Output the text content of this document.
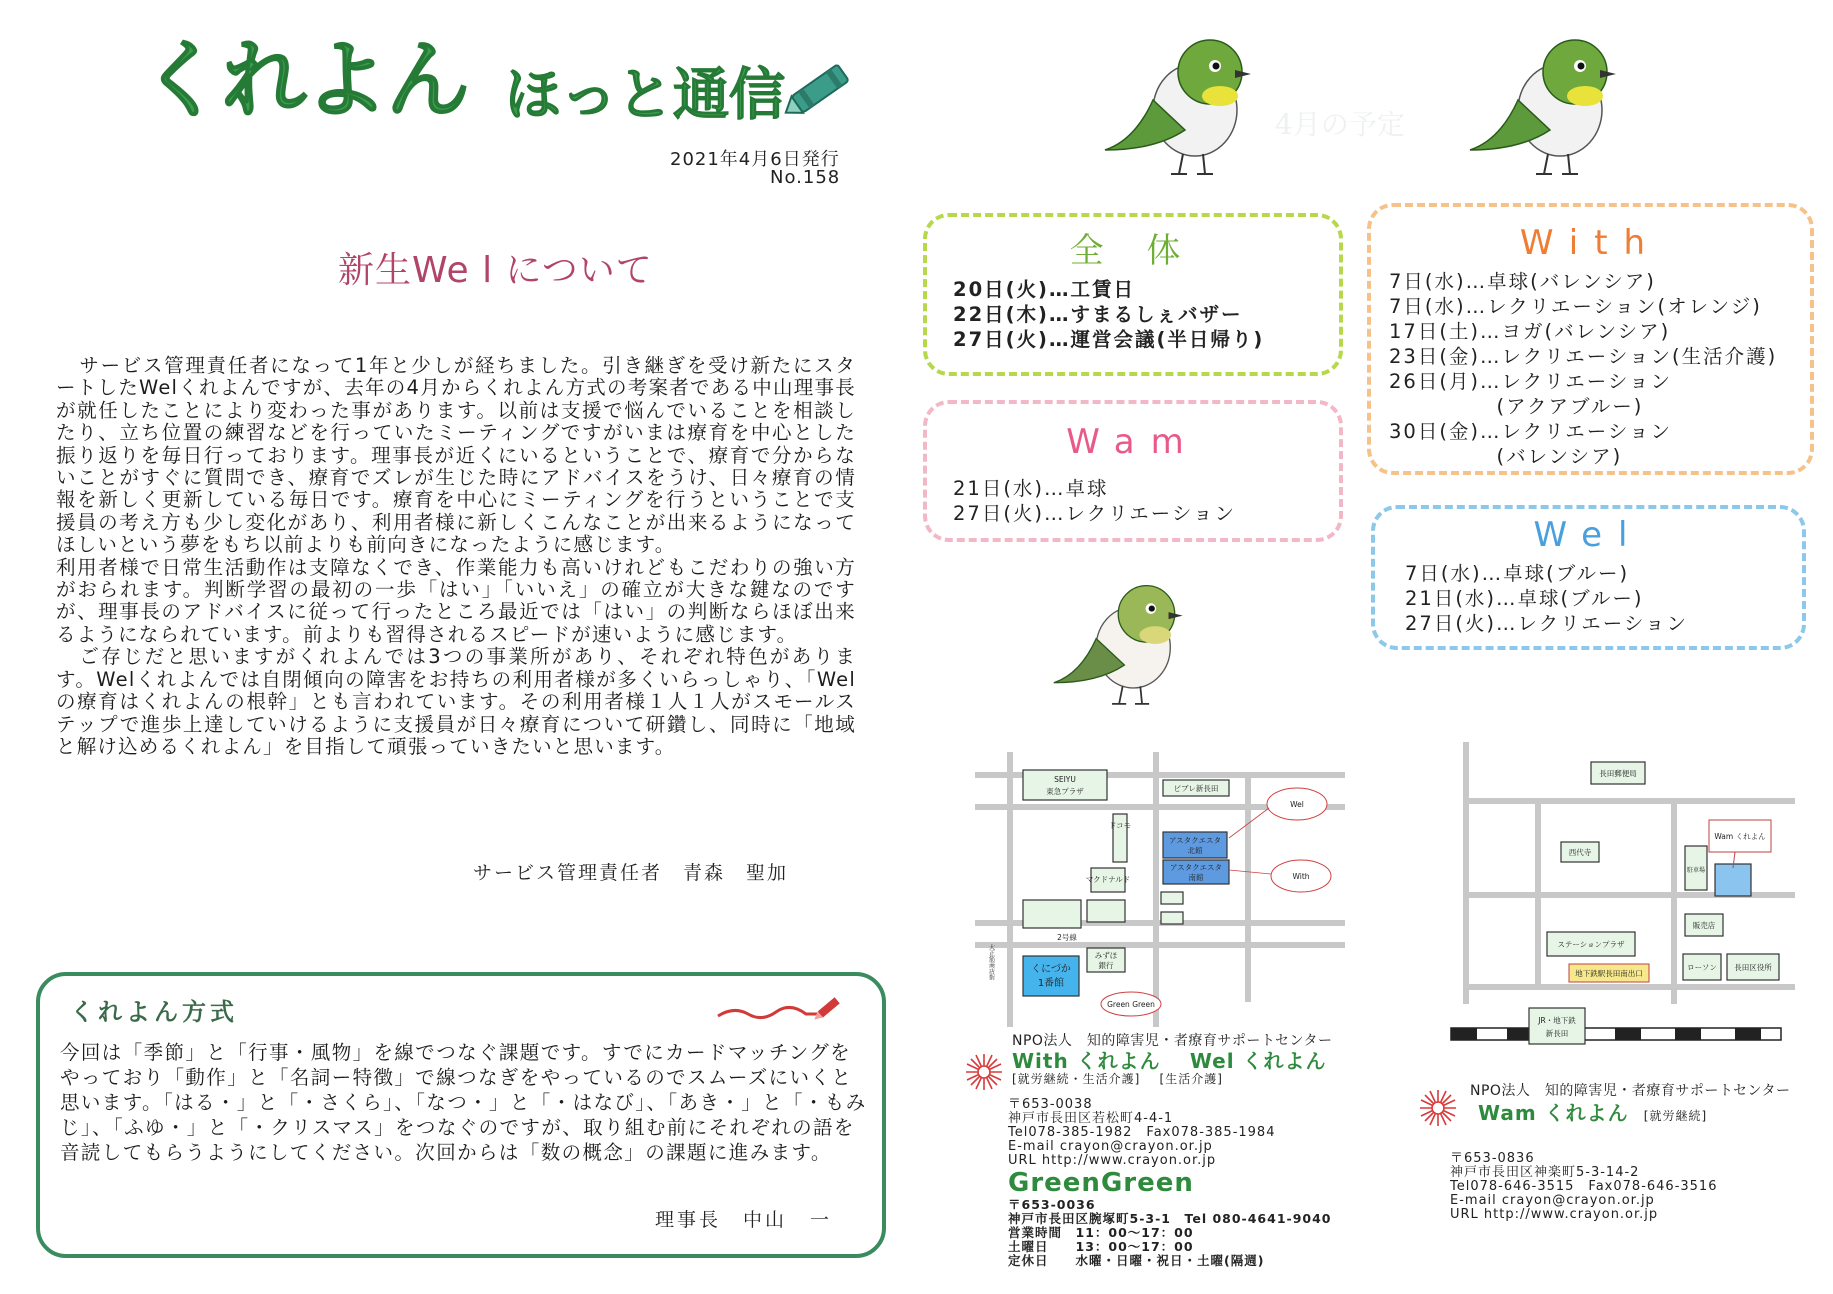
くれよん ほっと通信
2021年4月6日発行
No.158
新生We l について

サービス管理責任者になって1年と少しが経ちました。引き継ぎを受け新たにスタートしたWelくれよんですが、去年の4月からくれよん方式の考案者である中山理事長が就任したことにより変わった事があります。以前は支援で悩んでいることを相談したり、立ち位置の練習などを行っていたミーティングですがいまは療育を中心とした振り返りを毎日行っております。理事長が近くにいるということで、療育で分からないことがすぐに質問でき、療育でズレが生じた時にアドバイスをうけ、日々療育の情報を新しく更新している毎日です。療育を中心にミーティングを行うということで支援員の考え方も少し変化があり、利用者様に新しくこんなことが出来るようになってほしいという夢をもち以前よりも前向きになったように感じます。

利用者様で日常生活動作は支障なくでき、作業能力も高いけれどもこだわりの強い方がおられます。判断学習の最初の一歩「はい」「いいえ」の確立が大きな鍵なのですが、理事長のアドバイスに従って行ったところ最近では「はい」の判断ならほぼ出来るようになられています。前よりも習得されるスピードが速いように感じます。

ご存じだと思いますがくれよんでは3つの事業所があり、それぞれ特色があります。Welくれよんでは自閉傾向の障害をお持ちの利用者様が多くいらっしゃり、「Welの療育はくれよんの根幹」とも言われています。その利用者様１人１人がスモールステップで進歩上達していけるように支援員が日々療育について研鑽し、同時に「地域と解け込めるくれよん」を目指して頑張っていきたいと思います。

サービス管理責任者　青森　聖加
くれよん方式
今回は「季節」と「行事・風物」を線でつなぐ課題です。すでにカードマッチングをやっており「動作」と「名詞ー特徴」で線つなぎをやっているのでスムーズにいくと思います。「はる・」と「・さくら」、「なつ・」と「・はなび」、「あき・」と「・もみじ」、「ふゆ・」と「・クリスマス」をつなぐのですが、取り組む前にそれぞれの語を音読してもらうようにしてください。次回からは「数の概念」の課題に進みます。
理事長　中山 一
4月の予定
全 体
20日(火)…工賃日
22日(木)…すまるしぇバザー
27日(火)…運営会議(半日帰り)
Wam
21日(水)…卓球
27日(火)…レクリエーション
With
7日(水)…卓球(バレンシア)
7日(水)…レクリエーション(オレンジ)
17日(土)…ヨガ(バレンシア)
23日(金)…レクリエーション(生活介護)
26日(月)…レクリエーション
　　　　　(アクアブルー)
30日(金)…レクリエーション
　　　　　(バレンシア)
Wel
7日(水)…卓球(ブルー)
21日(水)…卓球(ブルー)
27日(火)…レクリエーション
SEIYU
東急プラザ	ビブレ新長田
ドコモ
アスタクエスタ
北館
アスタクエスタ
南館
マクドナルド
2号線
くにづか
1番館
みずほ
銀行
Wel
With
Green Green
大正筋商店街
JR・地下鉄
新長田
長田郵便局
西代寺
駐車場
Wam くれよん
販売店
ステーションプラザ
地下鉄駅長田南出口
ローソン 長田区役所
NPO法人　知的障害児・者療育サポートセンター
With くれよん Wel くれよん
[就労継続・生活介護] [生活介護]
〒653-0038
神戸市長田区若松町4-4-1
Tel078-385-1982　Fax078-385-1984
E-mail crayon@crayon.or.jp
URL http://www.crayon.or.jp
GreenGreen
〒653-0036
神戸市長田区腕塚町5-3-1　Tel 080-4641-9040
営業時間　11：00～17：00
土曜日　　13：00～17：00
定休日　　水曜・日曜・祝日・土曜(隔週)
NPO法人　知的障害児・者療育サポートセンター
Wam くれよん [就労継続]
〒653-0836
神戸市長田区神楽町5-3-14-2
Tel078-646-3515　Fax078-646-3516
E-mail crayon@crayon.or.jp
URL http://www.crayon.or.jp
